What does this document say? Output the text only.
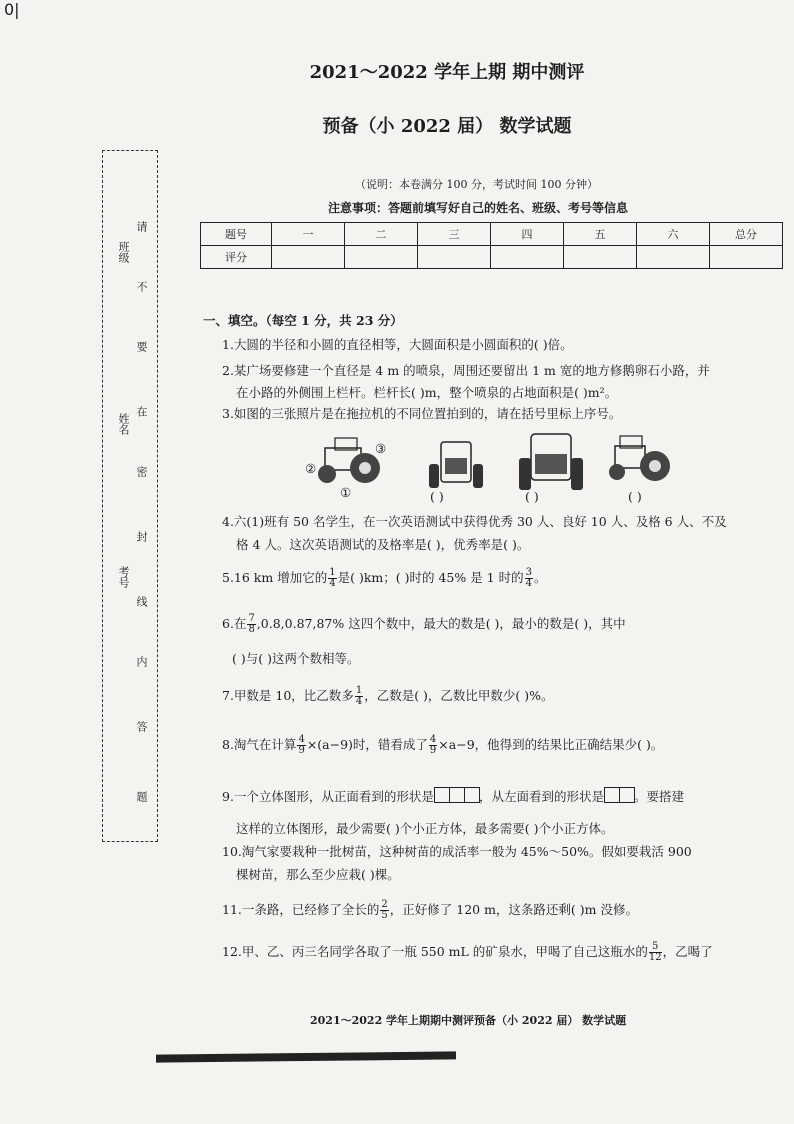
0|
2021～2022 学年上期 期中测评
预备（小 2022 届） 数学试题
（说明：本卷满分 100 分，考试时间 100 分钟）
注意事项：答题前填写好自己的姓名、班级、考号等信息
请
不
要
在
密
封
线
内
答
题
班级
姓名
考号
题号	一	二	三	四	五	六	总分
评分							
一、填空。（每空 1 分，共 23 分）
1.大圆的半径和小圆的直径相等，大圆面积是小圆面积的( )倍。
2.某广场要修建一个直径是 4 m 的喷泉，周围还要留出 1 m 宽的地方修鹅卵石小路，并
在小路的外侧围上栏杆。栏杆长( )m，整个喷泉的占地面积是( )m²。
3.如图的三张照片是在拖拉机的不同位置拍到的，请在括号里标上序号。
②
③
①	( )	( )	( )
4.六(1)班有 50 名学生，在一次英语测试中获得优秀 30 人、良好 10 人、及格 6 人、不及
格 4 人。这次英语测试的及格率是( )，优秀率是( )。
5.16 km 增加它的 $\frac{1}{4}$ 是( )km；( )时的 45% 是 1 时的 $\frac{3}{4}$ 。
6.在 $\frac{7}{8} ,0.8,0.87,87\%$ 这四个数中，最大的数是( )，最小的数是( )，其中
( )与( )这两个数相等。
7.甲数是 10，比乙数多 $\frac{1}{4}$ ，乙数是( )，乙数比甲数少( )%。
8.淘气在计算 $\frac{4}{9} \times(a-9)$时，错看成了 $\frac{4}{9} \times a-9$，他得到的结果比正确结果少( )。
9.一个立体图形，从正面看到的形状是	，从左面看到的形状是 。要搭建
这样的立体图形，最少需要( )个小正方体，最多需要( )个小正方体。
10.淘气家要栽种一批树苗，这种树苗的成活率一般为 45%～50%。假如要栽活 900
棵树苗，那么至少应栽( )棵。
11.一条路，已经修了全长的 $\frac{2}{5}$ ，正好修了 120 m，这条路还剩( )m 没修。
12.甲、乙、丙三名同学各取了一瓶 550 mL 的矿泉水，甲喝了自己这瓶水的 $\frac{5}{12}$ ，乙喝了
2021～2022 学年上期期中测评预备（小 2022 届） 数学试题
